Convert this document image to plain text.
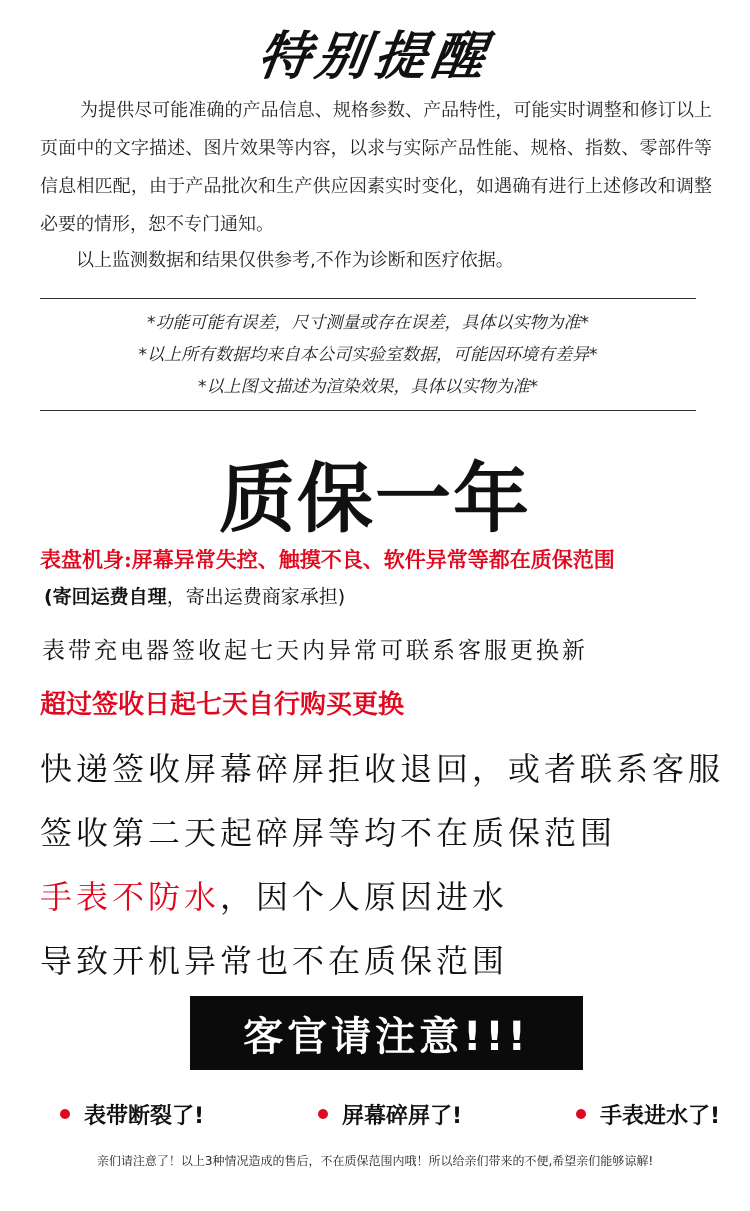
特别提醒
为提供尽可能准确的产品信息、规格参数、产品特性，可能实时调整和修订以上页面中的文字描述、图片效果等内容，以求与实际产品性能、规格、指数、零部件等信息相匹配，由于产品批次和生产供应因素实时变化，如遇确有进行上述修改和调整必要的情形，恕不专门通知。
以上监测数据和结果仅供参考,不作为诊断和医疗依据。
*功能可能有误差，尺寸测量或存在误差，具体以实物为准*
*以上所有数据均来自本公司实验室数据，可能因环境有差异*
*以上图文描述为渲染效果，具体以实物为准*
质保一年
表盘机身:屏幕异常失控、触摸不良、软件异常等都在质保范围
(寄回运费自理，寄出运费商家承担)
表带充电器签收起七天内异常可联系客服更换新
超过签收日起七天自行购买更换
快递签收屏幕碎屏拒收退回，或者联系客服
签收第二天起碎屏等均不在质保范围
手表不防水，因个人原因进水
导致开机异常也不在质保范围
客官请注意!!!
表带断裂了!	屏幕碎屏了!	手表进水了!
亲们请注意了！以上3种情况造成的售后，不在质保范围内哦！所以给亲们带来的不便,希望亲们能够谅解!
